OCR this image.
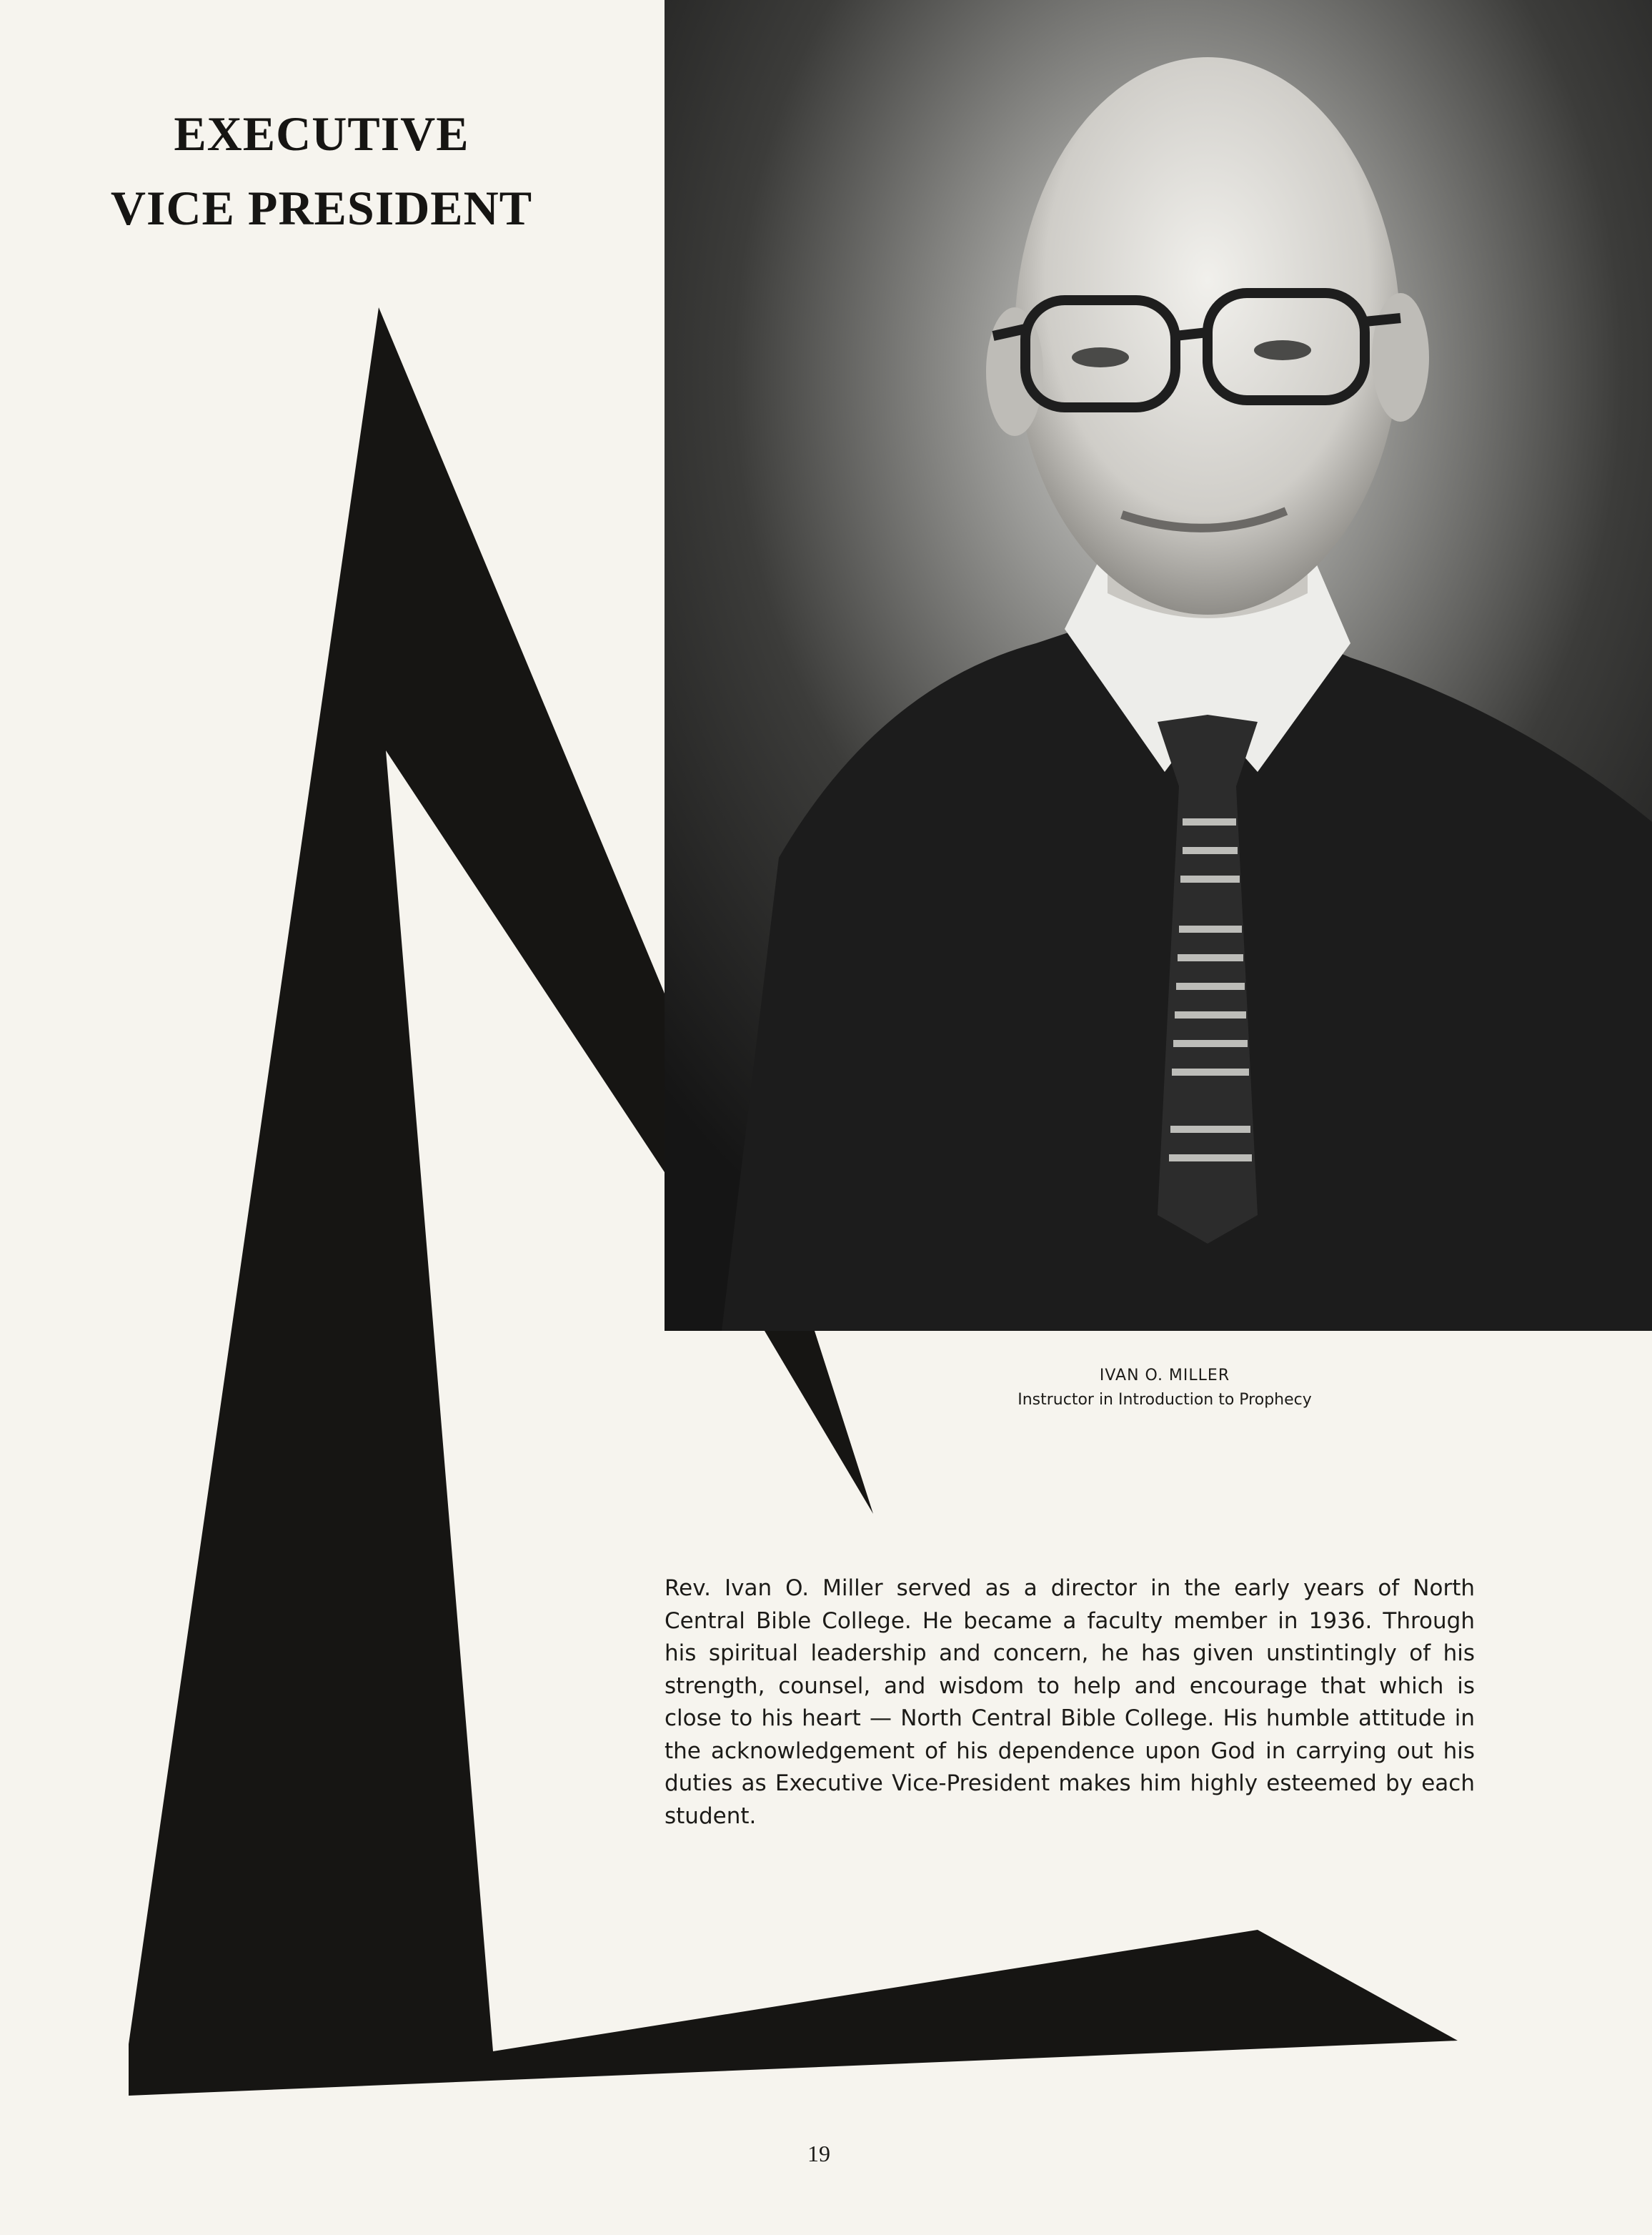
EXECUTIVE
VICE PRESIDENT
IVAN O. MILLER
Instructor in Introduction to Prophecy

Rev. Ivan O. Miller served as a director in the early years of North Central Bible College. He became a faculty member in 1936. Through his spiritual leadership and concern, he has given unstintingly of his strength, counsel, and wisdom to help and encourage that which is close to his heart — North Central Bible College. His humble attitude in the acknowledgement of his dependence upon God in carrying out his duties as Executive Vice-President makes him highly esteemed by each student.

19
